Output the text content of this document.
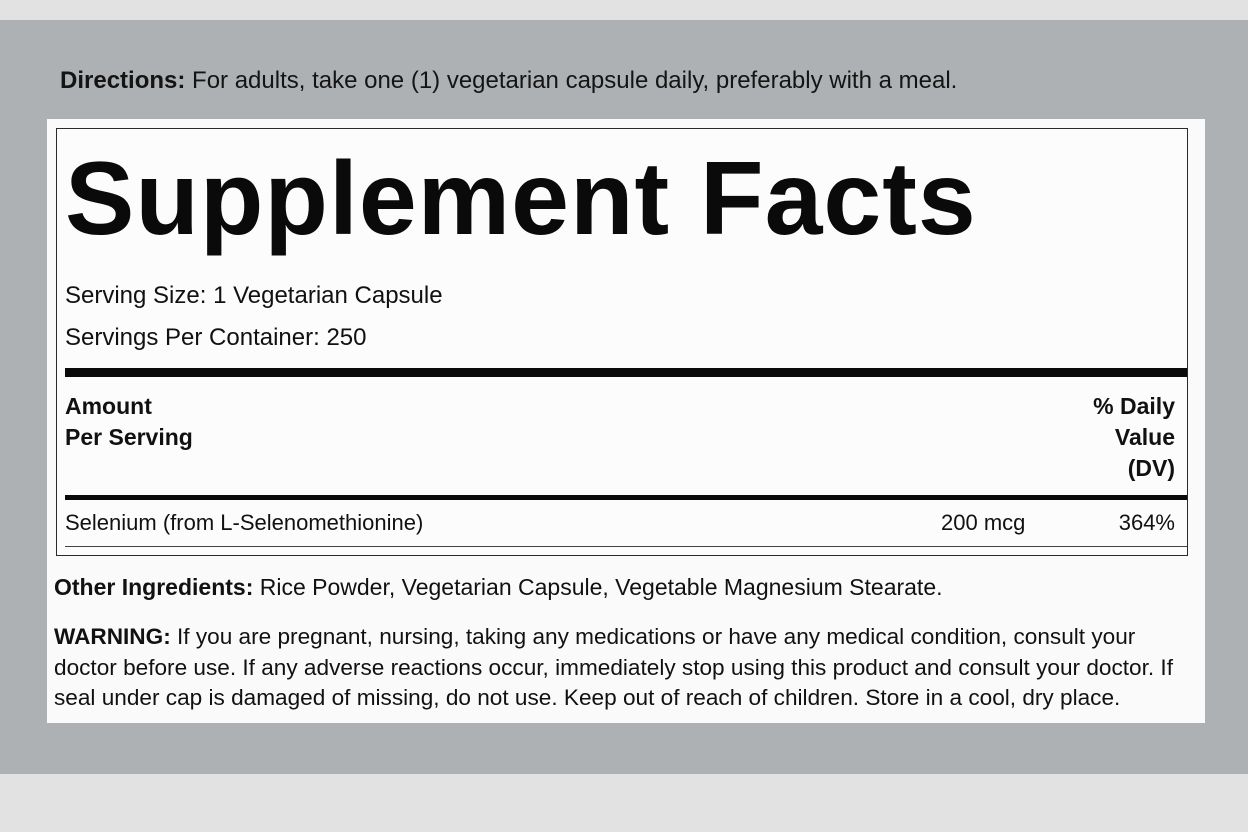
Directions: For adults, take one (1) vegetarian capsule daily, preferably with a meal.
Supplement Facts
Serving Size: 1 Vegetarian Capsule
Servings Per Container: 250
Amount
Per Serving
% Daily
Value
(DV)
Selenium (from L-Selenomethionine)	200 mcg	364%
Other Ingredients: Rice Powder, Vegetarian Capsule, Vegetable Magnesium Stearate.
WARNING: If you are pregnant, nursing, taking any medications or have any medical condition, consult your doctor before use. If any adverse reactions occur, immediately stop using this product and consult your doctor. If seal under cap is damaged of missing, do not use. Keep out of reach of children. Store in a cool, dry place.
